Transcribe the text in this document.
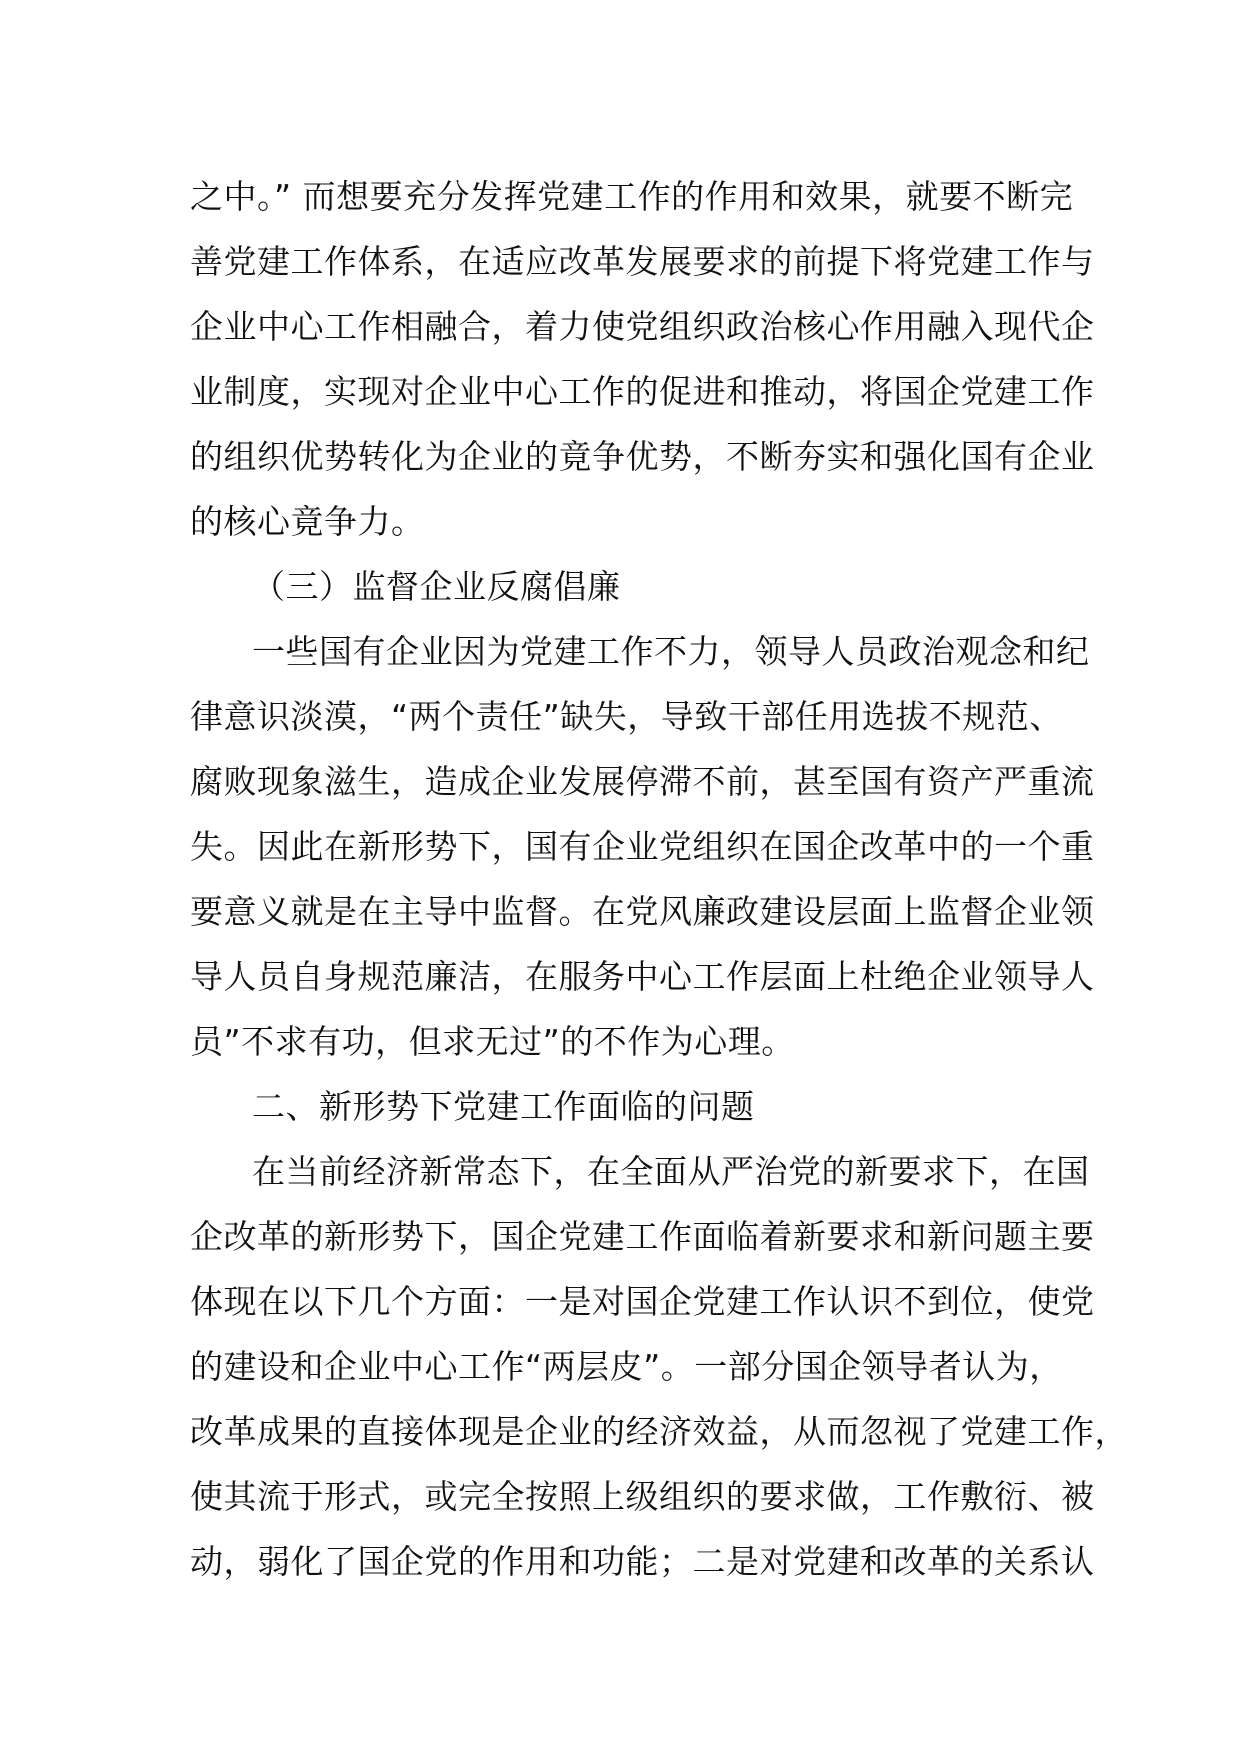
之中。” 而想要充分发挥党建工作的作用和效果，就要不断完
善党建工作体系，在适应改革发展要求的前提下将党建工作与
企业中心工作相融合，着力使党组织政治核心作用融入现代企
业制度，实现对企业中心工作的促进和推动，将国企党建工作
的组织优势转化为企业的竟争优势，不断夯实和强化国有企业
的核心竟争力。
（三）监督企业反腐倡廉
一些国有企业因为党建工作不力，领导人员政治观念和纪
律意识淡漠，“两个责任”缺失，导致干部任用选拔不规范、
腐败现象滋生，造成企业发展停滞不前，甚至国有资产严重流
失。因此在新形势下，国有企业党组织在国企改革中的一个重
要意义就是在主导中监督。在党风廉政建设层面上监督企业领
导人员自身规范廉洁，在服务中心工作层面上杜绝企业领导人
员”不求有功，但求无过”的不作为心理。
二、新形势下党建工作面临的问题
在当前经济新常态下，在全面从严治党的新要求下，在国
企改革的新形势下，国企党建工作面临着新要求和新问题主要
体现在以下几个方面：一是对国企党建工作认识不到位，使党
的建设和企业中心工作“两层皮”。一部分国企领导者认为，
改革成果的直接体现是企业的经济效益，从而忽视了党建工作，
使其流于形式，或完全按照上级组织的要求做，工作敷衍、被
动，弱化了国企党的作用和功能；二是对党建和改革的关系认
